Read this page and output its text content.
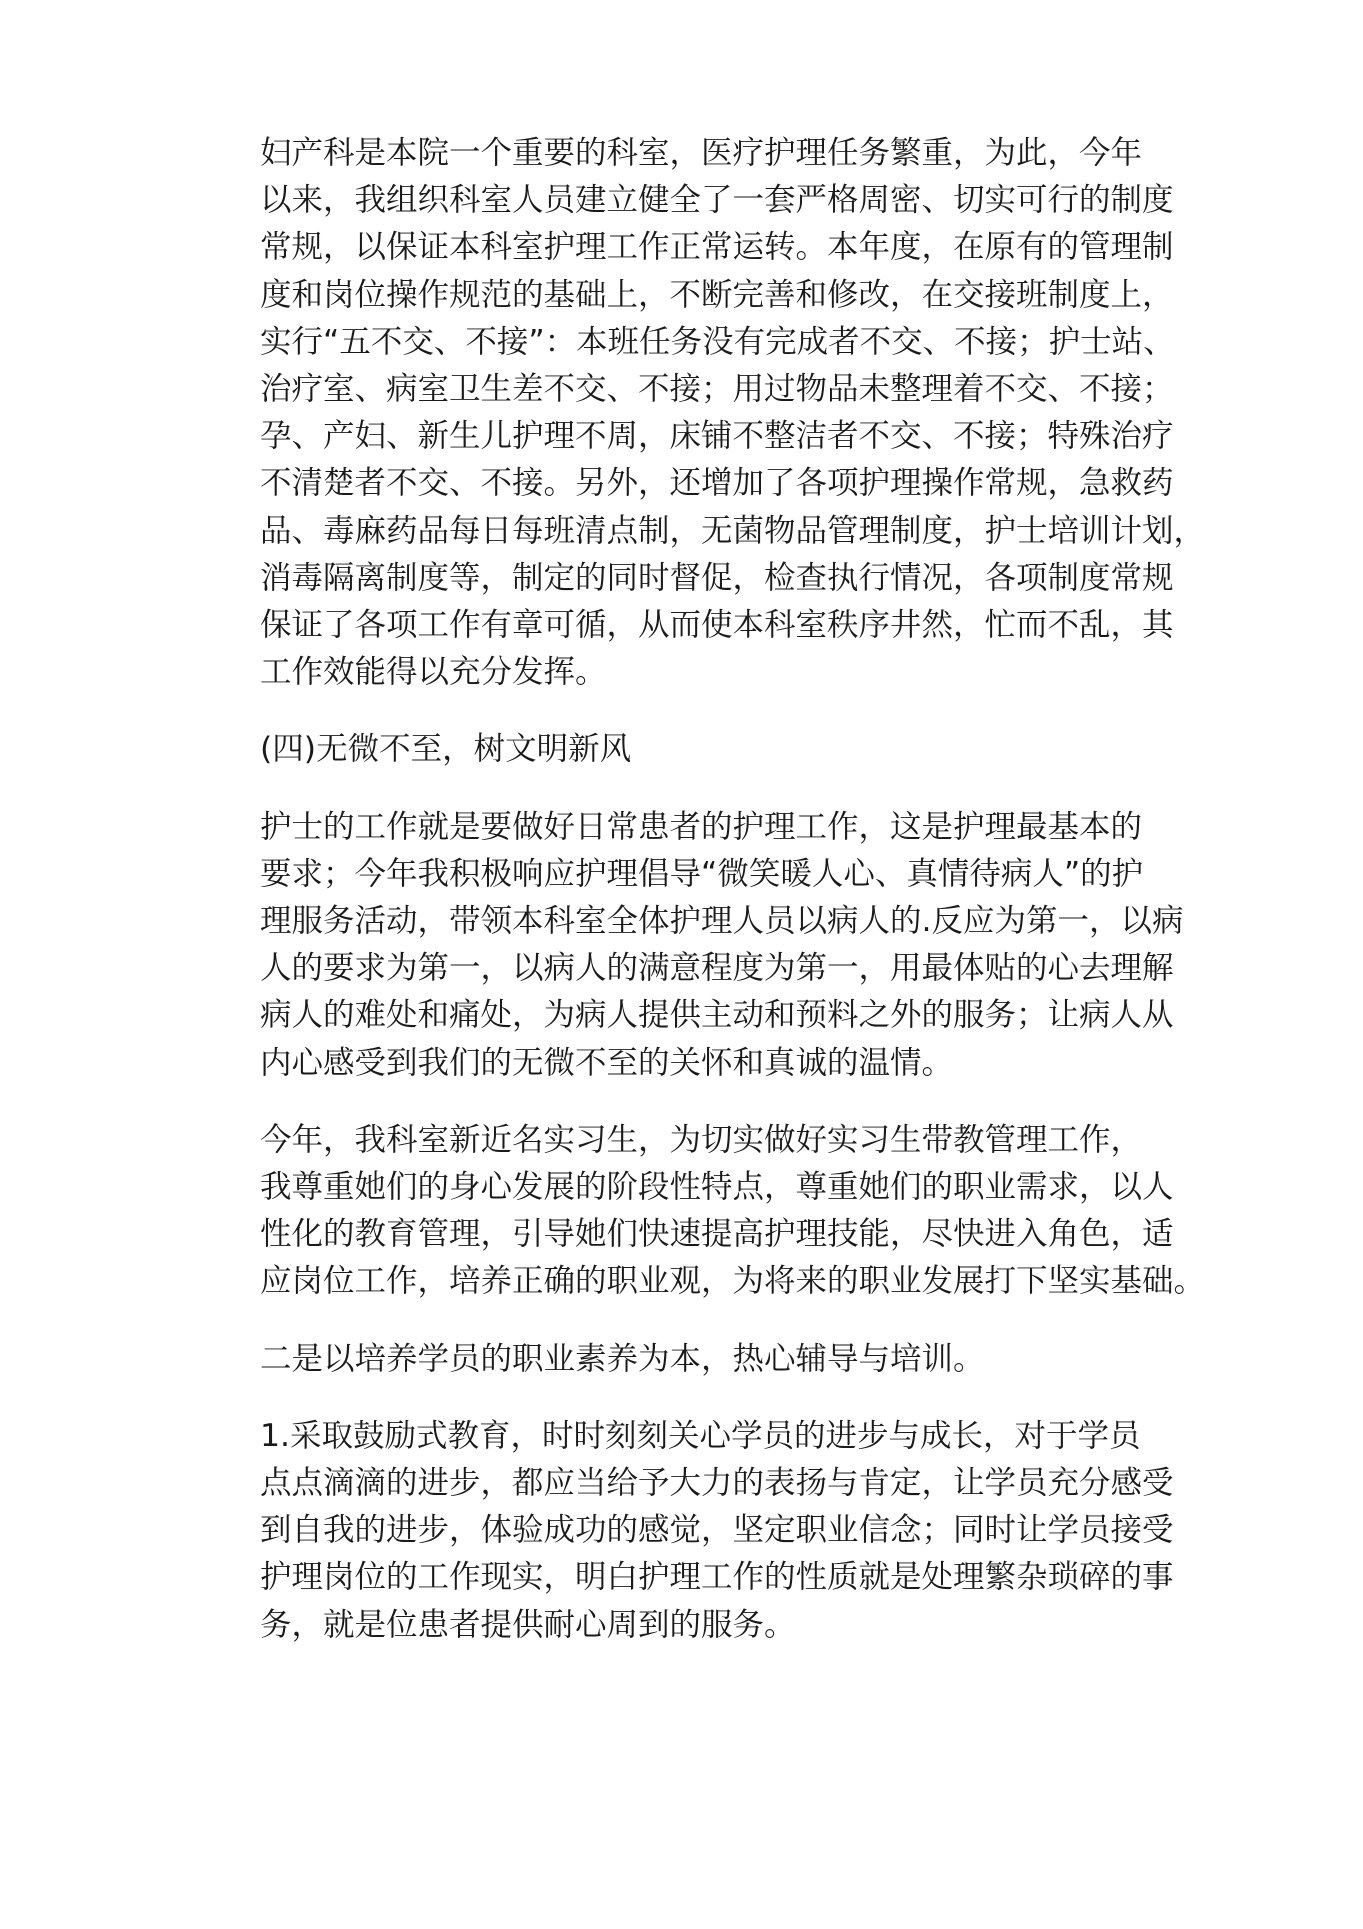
妇产科是本院一个重要的科室，医疗护理任务繁重，为此，今年
以来，我组织科室人员建立健全了一套严格周密、切实可行的制度
常规，以保证本科室护理工作正常运转。本年度，在原有的管理制
度和岗位操作规范的基础上，不断完善和修改，在交接班制度上，
实行“五不交、不接”：本班任务没有完成者不交、不接；护士站、
治疗室、病室卫生差不交、不接；用过物品未整理着不交、不接；
孕、产妇、新生儿护理不周，床铺不整洁者不交、不接；特殊治疗
不清楚者不交、不接。另外，还增加了各项护理操作常规，急救药
品、毒麻药品每日每班清点制，无菌物品管理制度，护士培训计划，
消毒隔离制度等，制定的同时督促，检查执行情况，各项制度常规
保证了各项工作有章可循，从而使本科室秩序井然，忙而不乱，其
工作效能得以充分发挥。

(四)无微不至，树文明新风

护士的工作就是要做好日常患者的护理工作，这是护理最基本的
要求；今年我积极响应护理倡导“微笑暖人心、真情待病人”的护
理服务活动，带领本科室全体护理人员以病人的.反应为第一，以病
人的要求为第一，以病人的满意程度为第一，用最体贴的心去理解
病人的难处和痛处，为病人提供主动和预料之外的服务；让病人从
内心感受到我们的无微不至的关怀和真诚的温情。

今年，我科室新近名实习生，为切实做好实习生带教管理工作，
我尊重她们的身心发展的阶段性特点，尊重她们的职业需求，以人
性化的教育管理，引导她们快速提高护理技能，尽快进入角色，适
应岗位工作，培养正确的职业观，为将来的职业发展打下坚实基础。

二是以培养学员的职业素养为本，热心辅导与培训。

1.采取鼓励式教育，时时刻刻关心学员的进步与成长，对于学员
点点滴滴的进步，都应当给予大力的表扬与肯定，让学员充分感受
到自我的进步，体验成功的感觉，坚定职业信念；同时让学员接受
护理岗位的工作现实，明白护理工作的性质就是处理繁杂琐碎的事
务，就是位患者提供耐心周到的服务。
